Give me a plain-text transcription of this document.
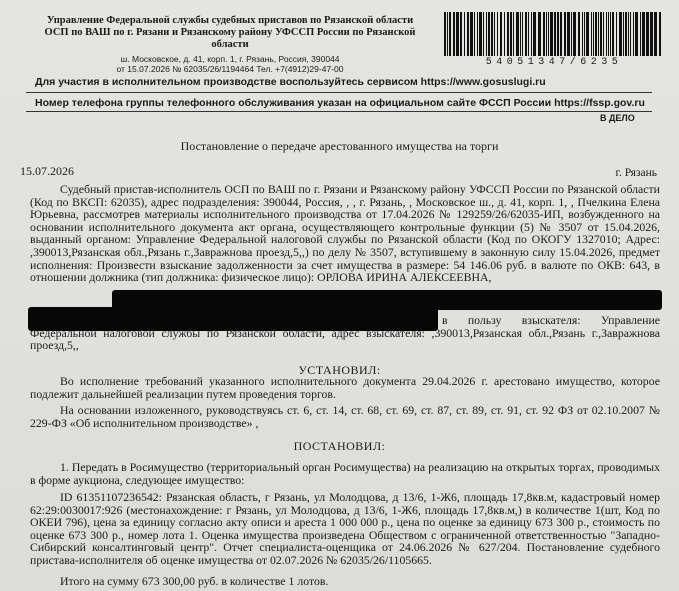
Управление Федеральной службы судебных приставов по Рязанской области
ОСП по ВАШ по г. Рязани и Рязанскому району УФССП России по Рязанской
области
ш. Московское, д. 41, корп. 1, г. Рязань, Россия, 390044
от 15.07.2026 № 62035/26/1194464 Тел. +7(4912)29-47-00
54051347/6235
Для участия в исполнительном производстве воспользуйтесь сервисом https://www.gosuslugi.ru
Номер телефона группы телефонного обслуживания указан на официальном сайте ФССП России https://fssp.gov.ru
В ДЕЛО
Постановление о передаче арестованного имущества на торги
15.07.2026	г. Рязань
Судебный пристав-исполнитель ОСП по ВАШ по г. Рязани и Рязанскому району УФССП России по Рязанской области (Код по ВКСП: 62035), адрес подразделения: 390044, Россия, , , г. Рязань, , Московское ш., д. 41, корп. 1, , Пчелкина Елена Юрьевна, рассмотрев материалы исполнительного производства от 17.04.2026 № 129259/26/62035-ИП, возбужденного на основании исполнительного документа акт органа, осуществляющего контрольные функции (5) № 3507 от 15.04.2026, выданный органом: Управление Федеральной налоговой службы по Рязанской области (Код по ОКОГУ 1327010; Адрес: ,390013,Рязанская обл.,Рязань г.,Завражнова проезд,5,,) по делу № 3507, вступившему в законную силу 15.04.2026, предмет исполнения: Произвести взыскание задолженности за счет имущества в размере: 54 146.06 руб. в валюте по ОКВ: 643, в отношении должника (тип должника: физическое лицо): ОРЛОВА ИРИНА АЛЕКСЕЕВНА,
в пользу взыскателя: Управление Федеральной налоговой службы по Рязанской области, адрес взыскателя: ,390013,Рязанская обл.,Рязань г.,Завражнова проезд,5,,
УСТАНОВИЛ:
Во исполнение требований указанного исполнительного документа 29.04.2026 г. арестовано имущество, которое подлежит дальнейшей реализации путем проведения торгов.
На основании изложенного, руководствуясь ст. 6, ст. 14, ст. 68, ст. 69, ст. 87, ст. 89, ст. 91, ст. 92 ФЗ от 02.10.2007 № 229-ФЗ «Об исполнительном производстве» ,
ПОСТАНОВИЛ:
1. Передать в Росимущество (территориальный орган Росимущества) на реализацию на открытых торгах, проводимых в форме аукциона, следующее имущество:
ID 61351107236542: Рязанская область, г Рязань, ул Молодцова, д 13/6, 1-Ж6, площадь 17,8кв.м, кадастровый номер 62:29:0030017:926 (местонахождение: г Рязань, ул Молодцова, д 13/6, 1-Ж6, площадь 17,8кв.м,) в количестве 1(шт, Код по ОКЕИ 796), цена за единицу согласно акту описи и ареста 1 000 000 р., цена по оценке за единицу 673 300 р., стоимость по оценке 673 300 р., номер лота 1. Оценка имущества произведена Обществом с ограниченной ответственностью "Западно-Сибирский консалтинговый центр". Отчет специалиста-оценщика от 24.06.2026 № 627/204. Постановление судебного пристава-исполнителя об оценке имущества от 02.07.2026 № 62035/26/1105665.
Итого на сумму 673 300,00 руб. в количестве 1 лотов.
